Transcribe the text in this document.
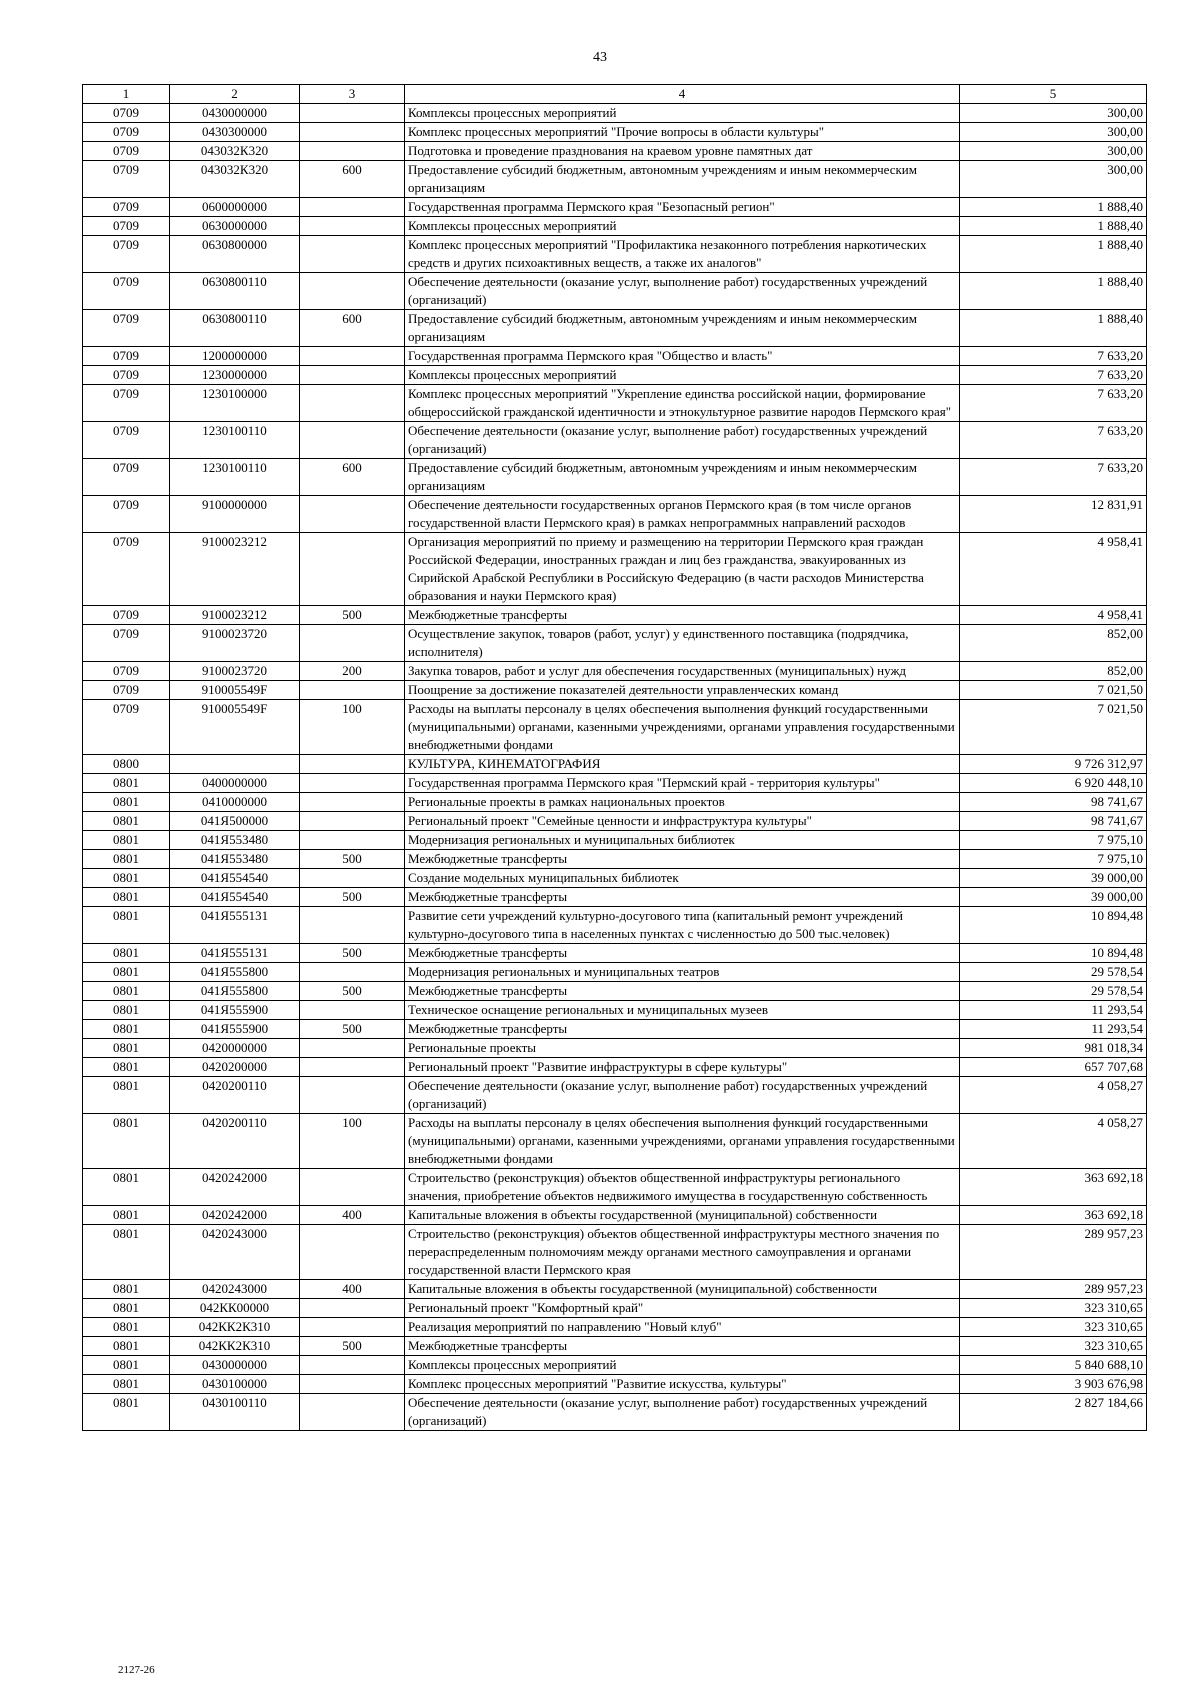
43
1	2	3	4	5
0709	0430000000		Комплексы процессных мероприятий	300,00
0709	0430300000		Комплекс процессных мероприятий "Прочие вопросы в области культуры"	300,00
0709	043032К320		Подготовка и проведение празднования на краевом уровне памятных дат	300,00
0709	043032К320	600	Предоставление субсидий бюджетным, автономным учреждениям и иным некоммерческим организациям	300,00
0709	0600000000		Государственная программа Пермского края "Безопасный регион"	1 888,40
0709	0630000000		Комплексы процессных мероприятий	1 888,40
0709	0630800000		Комплекс процессных мероприятий "Профилактика незаконного потребления наркотических средств и других психоактивных веществ, а также их аналогов"	1 888,40
0709	0630800110		Обеспечение деятельности (оказание услуг, выполнение работ) государственных учреждений (организаций)	1 888,40
0709	0630800110	600	Предоставление субсидий бюджетным, автономным учреждениям и иным некоммерческим организациям	1 888,40
0709	1200000000		Государственная программа Пермского края "Общество и власть"	7 633,20
0709	1230000000		Комплексы процессных мероприятий	7 633,20
0709	1230100000		Комплекс процессных мероприятий "Укрепление единства российской нации, формирование общероссийской гражданской идентичности и этнокультурное развитие народов Пермского края"	7 633,20
0709	1230100110		Обеспечение деятельности (оказание услуг, выполнение работ) государственных учреждений (организаций)	7 633,20
0709	1230100110	600	Предоставление субсидий бюджетным, автономным учреждениям и иным некоммерческим организациям	7 633,20
0709	9100000000		Обеспечение деятельности государственных органов Пермского края (в том числе органов государственной власти Пермского края) в рамках непрограммных направлений расходов	12 831,91
0709	9100023212		Организация мероприятий по приему и размещению на территории Пермского края граждан Российской Федерации, иностранных граждан и лиц без гражданства, эвакуированных из Сирийской Арабской Республики в Российскую Федерацию (в части расходов Министерства образования и науки Пермского края)	4 958,41
0709	9100023212	500	Межбюджетные трансферты	4 958,41
0709	9100023720		Осуществление закупок, товаров (работ, услуг) у единственного поставщика (подрядчика, исполнителя)	852,00
0709	9100023720	200	Закупка товаров, работ и услуг для обеспечения государственных (муниципальных) нужд	852,00
0709	910005549F		Поощрение за достижение показателей деятельности управленческих команд	7 021,50
0709	910005549F	100	Расходы на выплаты персоналу в целях обеспечения выполнения функций государственными (муниципальными) органами, казенными учреждениями, органами управления государственными внебюджетными фондами	7 021,50
0800			КУЛЬТУРА, КИНЕМАТОГРАФИЯ	9 726 312,97
0801	0400000000		Государственная программа Пермского края "Пермский край - территория культуры"	6 920 448,10
0801	0410000000		Региональные проекты в рамках национальных проектов	98 741,67
0801	041Я500000		Региональный проект "Семейные ценности и инфраструктура культуры"	98 741,67
0801	041Я553480		Модернизация региональных и муниципальных библиотек	7 975,10
0801	041Я553480	500	Межбюджетные трансферты	7 975,10
0801	041Я554540		Создание модельных муниципальных библиотек	39 000,00
0801	041Я554540	500	Межбюджетные трансферты	39 000,00
0801	041Я555131		Развитие сети учреждений культурно-досугового типа (капитальный ремонт учреждений культурно-досугового типа в населенных пунктах с численностью до 500 тыс.человек)	10 894,48
0801	041Я555131	500	Межбюджетные трансферты	10 894,48
0801	041Я555800		Модернизация региональных и муниципальных театров	29 578,54
0801	041Я555800	500	Межбюджетные трансферты	29 578,54
0801	041Я555900		Техническое оснащение региональных и муниципальных музеев	11 293,54
0801	041Я555900	500	Межбюджетные трансферты	11 293,54
0801	0420000000		Региональные проекты	981 018,34
0801	0420200000		Региональный проект "Развитие инфраструктуры в сфере культуры"	657 707,68
0801	0420200110		Обеспечение деятельности (оказание услуг, выполнение работ) государственных учреждений (организаций)	4 058,27
0801	0420200110	100	Расходы на выплаты персоналу в целях обеспечения выполнения функций государственными (муниципальными) органами, казенными учреждениями, органами управления государственными внебюджетными фондами	4 058,27
0801	0420242000		Строительство (реконструкция) объектов общественной инфраструктуры регионального значения, приобретение объектов недвижимого имущества в государственную собственность	363 692,18
0801	0420242000	400	Капитальные вложения в объекты государственной (муниципальной) собственности	363 692,18
0801	0420243000		Строительство (реконструкция) объектов общественной инфраструктуры местного значения по перераспределенным полномочиям между органами местного самоуправления и органами государственной власти Пермского края	289 957,23
0801	0420243000	400	Капитальные вложения в объекты государственной (муниципальной) собственности	289 957,23
0801	042КК00000		Региональный проект "Комфортный край"	323 310,65
0801	042КК2К310		Реализация мероприятий по направлению "Новый клуб"	323 310,65
0801	042КК2К310	500	Межбюджетные трансферты	323 310,65
0801	0430000000		Комплексы процессных мероприятий	5 840 688,10
0801	0430100000		Комплекс процессных мероприятий "Развитие искусства, культуры"	3 903 676,98
0801	0430100110		Обеспечение деятельности (оказание услуг, выполнение работ) государственных учреждений (организаций)	2 827 184,66
2127-26
